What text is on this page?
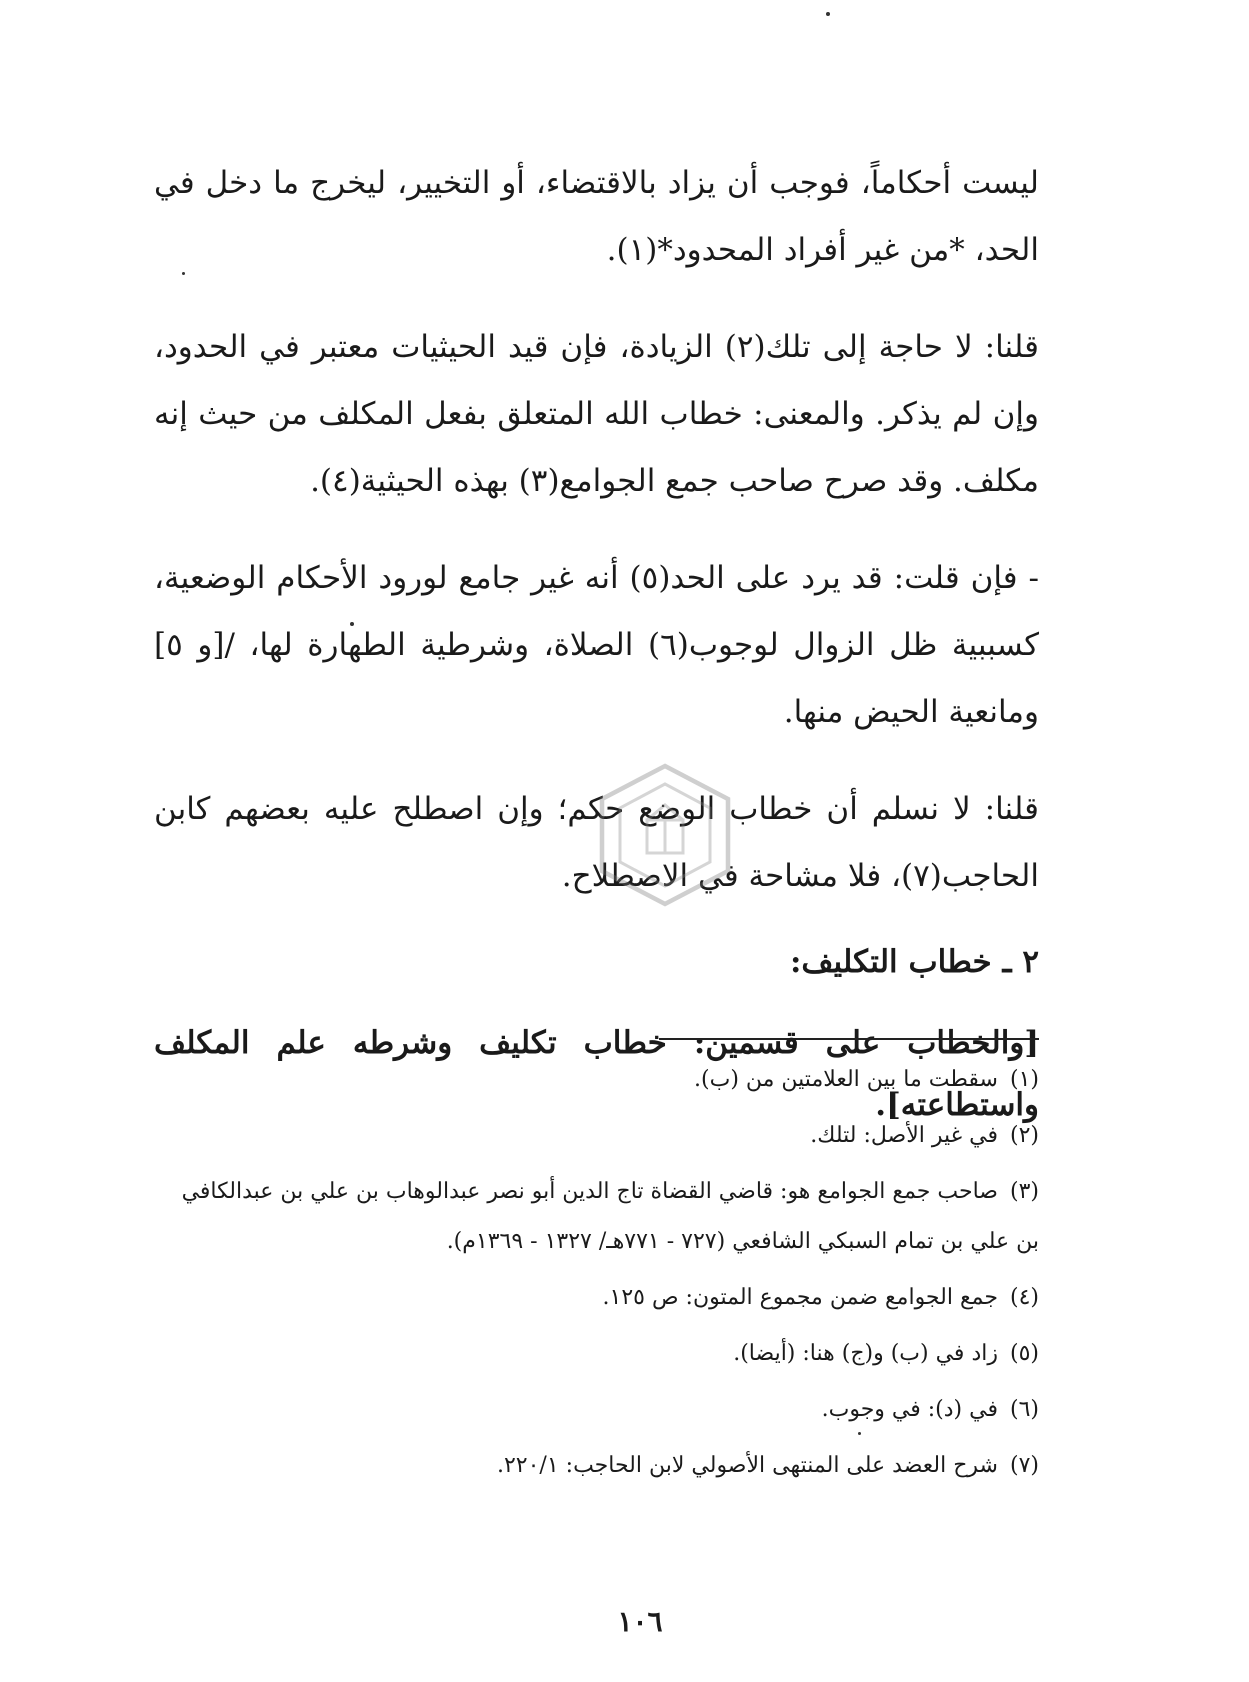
ليست أحكاماً، فوجب أن يزاد بالاقتضاء، أو التخيير، ليخرج ما دخل في الحد، *من غير أفراد المحدود*(١).

قلنا: لا حاجة إلى تلك(٢) الزيادة، فإن قيد الحيثيات معتبر في الحدود، وإن لم يذكر. والمعنى: خطاب الله المتعلق بفعل المكلف من حيث إنه مكلف. وقد صرح صاحب جمع الجوامع(٣) بهذه الحيثية(٤).

- فإن قلت: قد يرد على الحد(٥) أنه غير جامع لورود الأحكام الوضعية، كسببية ظل الزوال لوجوب(٦) الصلاة، وشرطية الطهارة لها، /[و ٥] ومانعية الحيض منها.

قلنا: لا نسلم أن خطاب الوضع حكم؛ وإن اصطلح عليه بعضهم كابن الحاجب(٧)، فلا مشاحة في الاصطلاح.

٢ ـ خطاب التكليف:

[والخطاب على قسمين: خطاب تكليف وشرطه علم المكلف واستطاعته].

(١)سقطت ما بين العلامتين من (ب).

(٢)في غير الأصل: لتلك.

(٣)صاحب جمع الجوامع هو: قاضي القضاة تاج الدين أبو نصر عبدالوهاب بن علي بن عبدالكافي بن علي بن تمام السبكي الشافعي (٧٢٧ - ٧٧١هـ/ ١٣٢٧ - ١٣٦٩م).

(٤)جمع الجوامع ضمن مجموع المتون: ص ١٢٥.

(٥)زاد في (ب) و(ج) هنا: (أيضا).

(٦)في (د): في وجوب.

(٧)شرح العضد على المنتهى الأصولي لابن الحاجب: ٢٢٠/١.

١٠٦
